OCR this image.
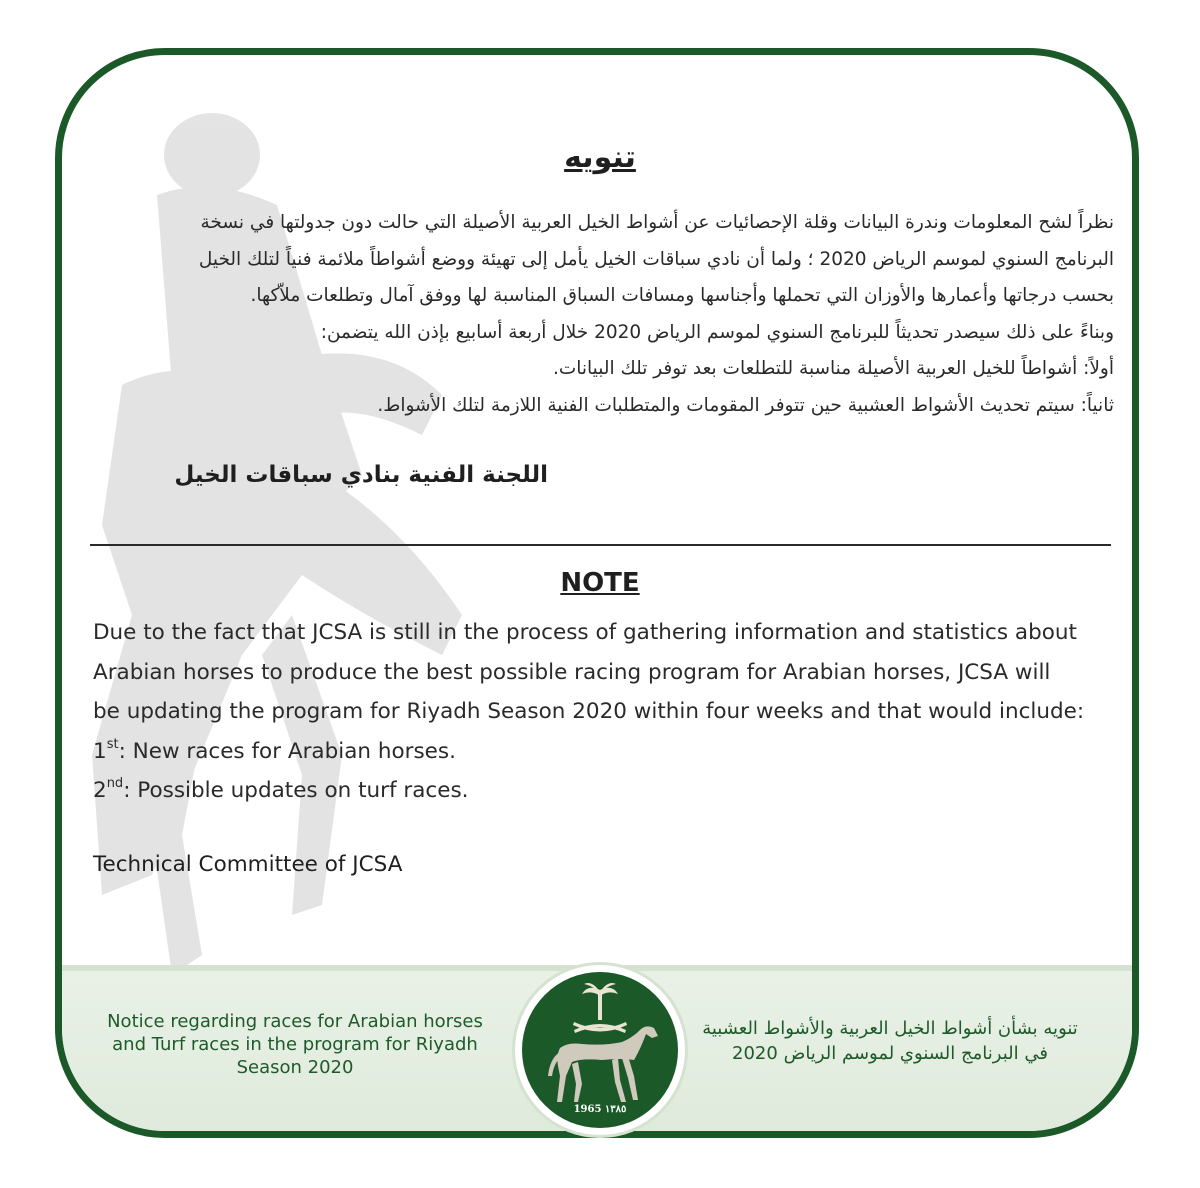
تنويه
نظراً لشح المعلومات وندرة البيانات وقلة الإحصائيات عن أشواط الخيل العربية الأصيلة التي حالت دون جدولتها في نسخة
البرنامج السنوي لموسم الرياض 2020 ؛ ولما أن نادي سباقات الخيل يأمل إلى تهيئة ووضع أشواطاً ملائمة فنياً لتلك الخيل
بحسب درجاتها وأعمارها والأوزان التي تحملها وأجناسها ومسافات السباق المناسبة لها ووفق آمال وتطلعات ملاّكها.
وبناءً على ذلك سيصدر تحديثاً للبرنامج السنوي لموسم الرياض 2020 خلال أربعة أسابيع بإذن الله يتضمن:
أولاً: أشواطاً للخيل العربية الأصيلة مناسبة للتطلعات بعد توفر تلك البيانات.
ثانياً: سيتم تحديث الأشواط العشبية حين تتوفر المقومات والمتطلبات الفنية اللازمة لتلك الأشواط.
اللجنة الفنية بنادي سباقات الخيل
NOTE
Due to the fact that JCSA is still in the process of gathering information and statistics about
Arabian horses to produce the best possible racing program for Arabian horses, JCSA will
be updating the program for Riyadh Season 2020 within four weeks and that would include:
1st: New races for Arabian horses.
2nd: Possible updates on turf races.
Technical Committee of JCSA
Notice regarding races for Arabian horses
and Turf races in the program for Riyadh
Season 2020
تنويه بشأن أشواط الخيل العربية والأشواط العشبية
في البرنامج السنوي لموسم الرياض 2020
1965 ١٣٨٥
